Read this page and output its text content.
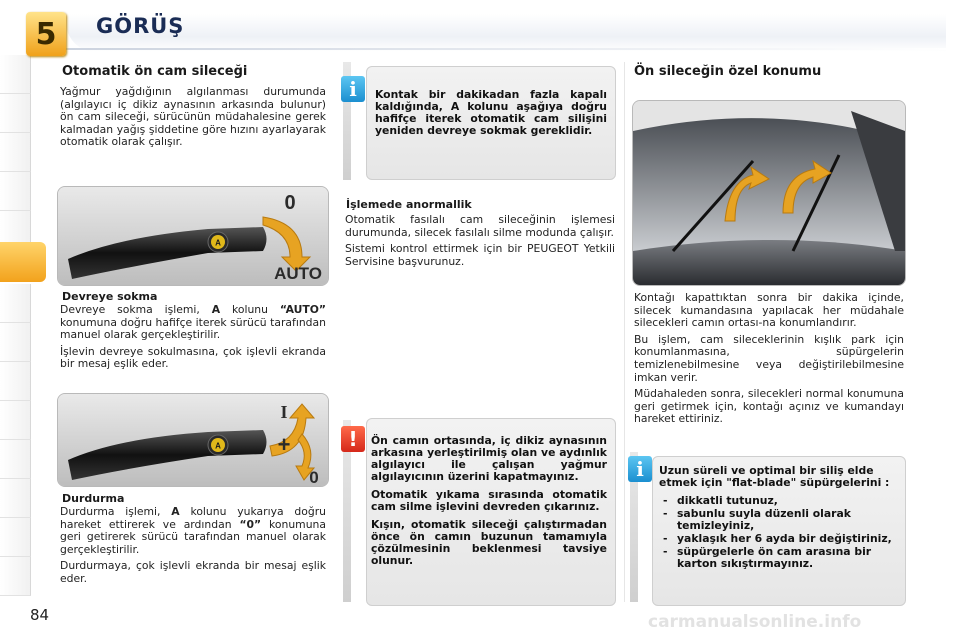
5	GÖRÜŞ
Otomatik ön cam sileceği

Yağmur yağdığının algılanması durumunda (algılayıcı iç dikiz aynasının arkasında bulunur) ön cam sileceği, sürücünün müdahalesine gerek kalmadan yağış şiddetine göre hızını ayarlayarak otomatik olarak çalışır.

A
0
AUTO
Devreye sokma

Devreye sokma işlemi, A kolunu “AUTO” konumuna doğru hafifçe iterek sürücü tarafından manuel olarak gerçekleştirilir.

İşlevin devreye sokulmasına, çok işlevli ekranda bir mesaj eşlik eder.

A
I
+
0
Durdurma

Durdurma işlemi, A kolunu yukarıya doğru hareket ettirerek ve ardından “0” konumuna geri getirerek sürücü tarafından manuel olarak gerçekleştirilir.

Durdurmaya, çok işlevli ekranda bir mesaj eşlik eder.

i	Kontak bir dakikadan fazla kapalı kaldığında, A kolunu aşağıya doğru hafifçe iterek otomatik cam silişini yeniden devreye sokmak gereklidir.

İşlemede anormallik

Otomatik fasılalı cam sileceğinin işlemesi durumunda, silecek fasılalı silme modunda çalışır.

Sistemi kontrol ettirmek için bir PEUGEOT Yetkili Servisine başvurunuz.

!	Ön camın ortasında, iç dikiz aynasının arkasına yerleştirilmiş olan ve aydınlık algılayıcı ile çalışan yağmur algılayıcının üzerini kapatmayınız.

Otomatik yıkama sırasında otomatik cam silme işlevini devreden çıkarınız.

Kışın, otomatik sileceği çalıştırmadan önce ön camın buzunun tamamıyla çözülmesinin beklenmesi tavsiye olunur.

Ön sileceğin özel konumu

Kontağı kapattıktan sonra bir dakika içinde, silecek kumandasına yapılacak her müdahale silecekleri camın ortası-na konumlandırır.

Bu işlem, cam sileceklerinin kışlık park için konumlanmasına, süpürgelerin temizlenebilmesine veya değiştirilebilmesine imkan verir.

Müdahaleden sonra, silecekleri normal konumuna geri getirmek için, kontağı açınız ve kumandayı hareket ettiriniz.

i	Uzun süreli ve optimal bir siliş elde etmek için "flat-blade" süpürgelerini :

- dikkatli tutunuz,
- sabunlu suyla düzenli olarak temizleyiniz,
- yaklaşık her 6 ayda bir değiştiriniz,
- süpürgelerle ön cam arasına bir karton sıkıştırmayınız.
84	carmanualsonline.info
